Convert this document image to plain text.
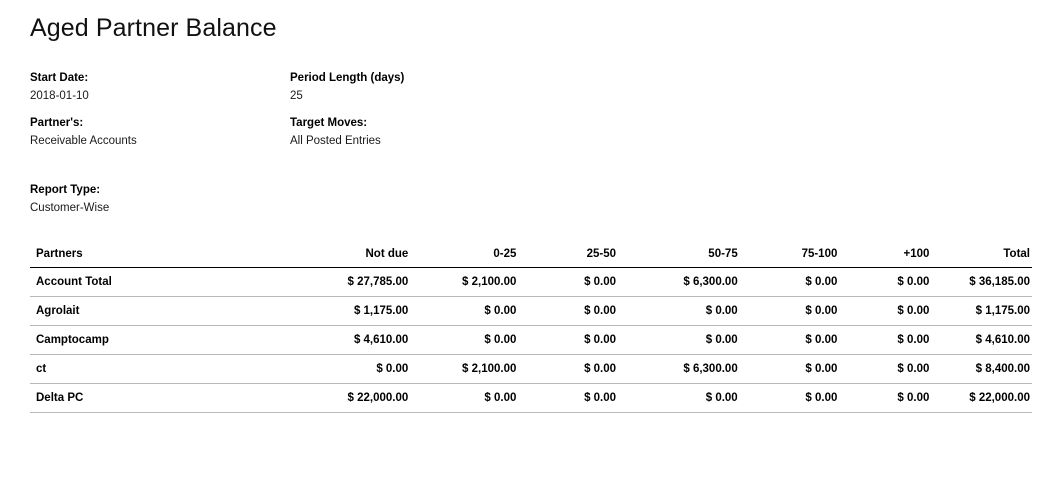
Aged Partner Balance
Start Date:
2018-01-10
Period Length (days)
25
Partner's:
Receivable Accounts
Target Moves:
All Posted Entries
Report Type:
Customer-Wise
Partners	Not due	0-25	25-50	50-75	75-100	+100	Total
Account Total	$ 27,785.00	$ 2,100.00	$ 0.00	$ 6,300.00	$ 0.00	$ 0.00	$ 36,185.00
Agrolait	$ 1,175.00	$ 0.00	$ 0.00	$ 0.00	$ 0.00	$ 0.00	$ 1,175.00
Camptocamp	$ 4,610.00	$ 0.00	$ 0.00	$ 0.00	$ 0.00	$ 0.00	$ 4,610.00
ct	$ 0.00	$ 2,100.00	$ 0.00	$ 6,300.00	$ 0.00	$ 0.00	$ 8,400.00
Delta PC	$ 22,000.00	$ 0.00	$ 0.00	$ 0.00	$ 0.00	$ 0.00	$ 22,000.00
